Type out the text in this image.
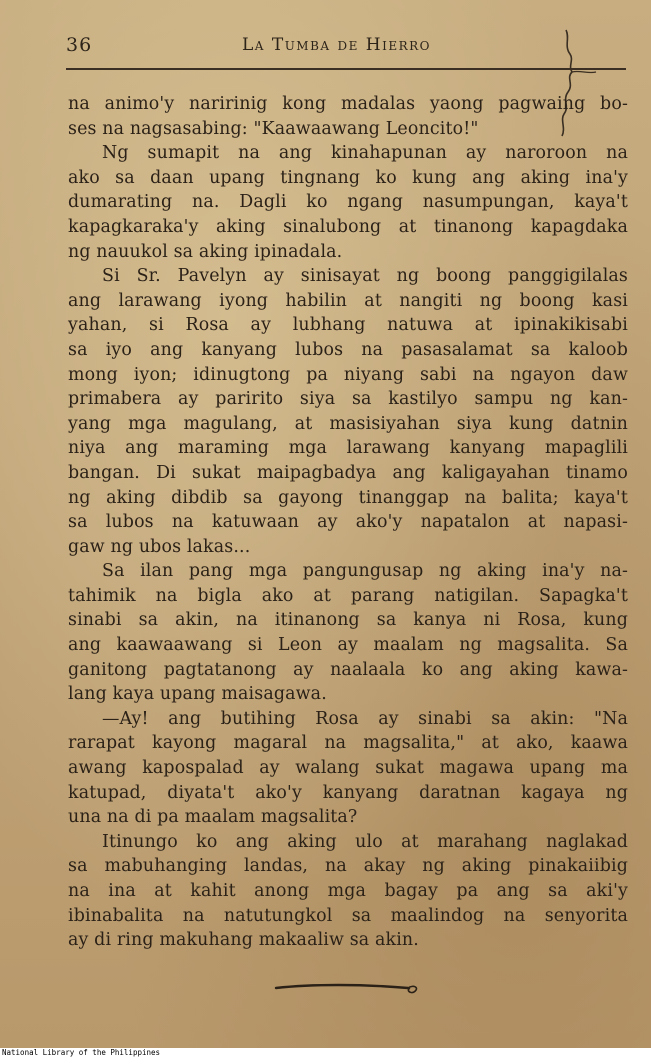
36	La Tumba de Hierro
na animo'y naririnig kong madalas yaong pagwaing bo-
ses na nagsasabing: "Kaawaawang Leoncito!"
Ng sumapit na ang kinahapunan ay naroroon na
ako sa daan upang tingnang ko kung ang aking ina'y
dumarating na. Dagli ko ngang nasumpungan, kaya't
kapagkaraka'y aking sinalubong at tinanong kapagdaka
ng nauukol sa aking ipinadala.
Si Sr. Pavelyn ay sinisayat ng boong panggigilalas
ang larawang iyong habilin at nangiti ng boong kasi
yahan, si Rosa ay lubhang natuwa at ipinakikisabi
sa iyo ang kanyang lubos na pasasalamat sa kaloob
mong iyon; idinugtong pa niyang sabi na ngayon daw
primabera ay paririto siya sa kastilyo sampu ng kan-
yang mga magulang, at masisiyahan siya kung datnin
niya ang maraming mga larawang kanyang mapaglili
bangan. Di sukat maipagbadya ang kaligayahan tinamo
ng aking dibdib sa gayong tinanggap na balita; kaya't
sa lubos na katuwaan ay ako'y napatalon at napasi-
gaw ng ubos lakas...
Sa ilan pang mga pangungusap ng aking ina'y na-
tahimik na bigla ako at parang natigilan. Sapagka't
sinabi sa akin, na itinanong sa kanya ni Rosa, kung
ang kaawaawang si Leon ay maalam ng magsalita. Sa
ganitong pagtatanong ay naalaala ko ang aking kawa-
lang kaya upang maisagawa.
—Ay! ang butihing Rosa ay sinabi sa akin: "Na
rarapat kayong magaral na magsalita," at ako, kaawa
awang kapospalad ay walang sukat magawa upang ma
katupad, diyata't ako'y kanyang daratnan kagaya ng
una na di pa maalam magsalita?
Itinungo ko ang aking ulo at marahang naglakad
sa mabuhanging landas, na akay ng aking pinakaiibig
na ina at kahit anong mga bagay pa ang sa aki'y
ibinabalita na natutungkol sa maalindog na senyorita
ay di ring makuhang makaaliw sa akin.
National Library of the Philippines
